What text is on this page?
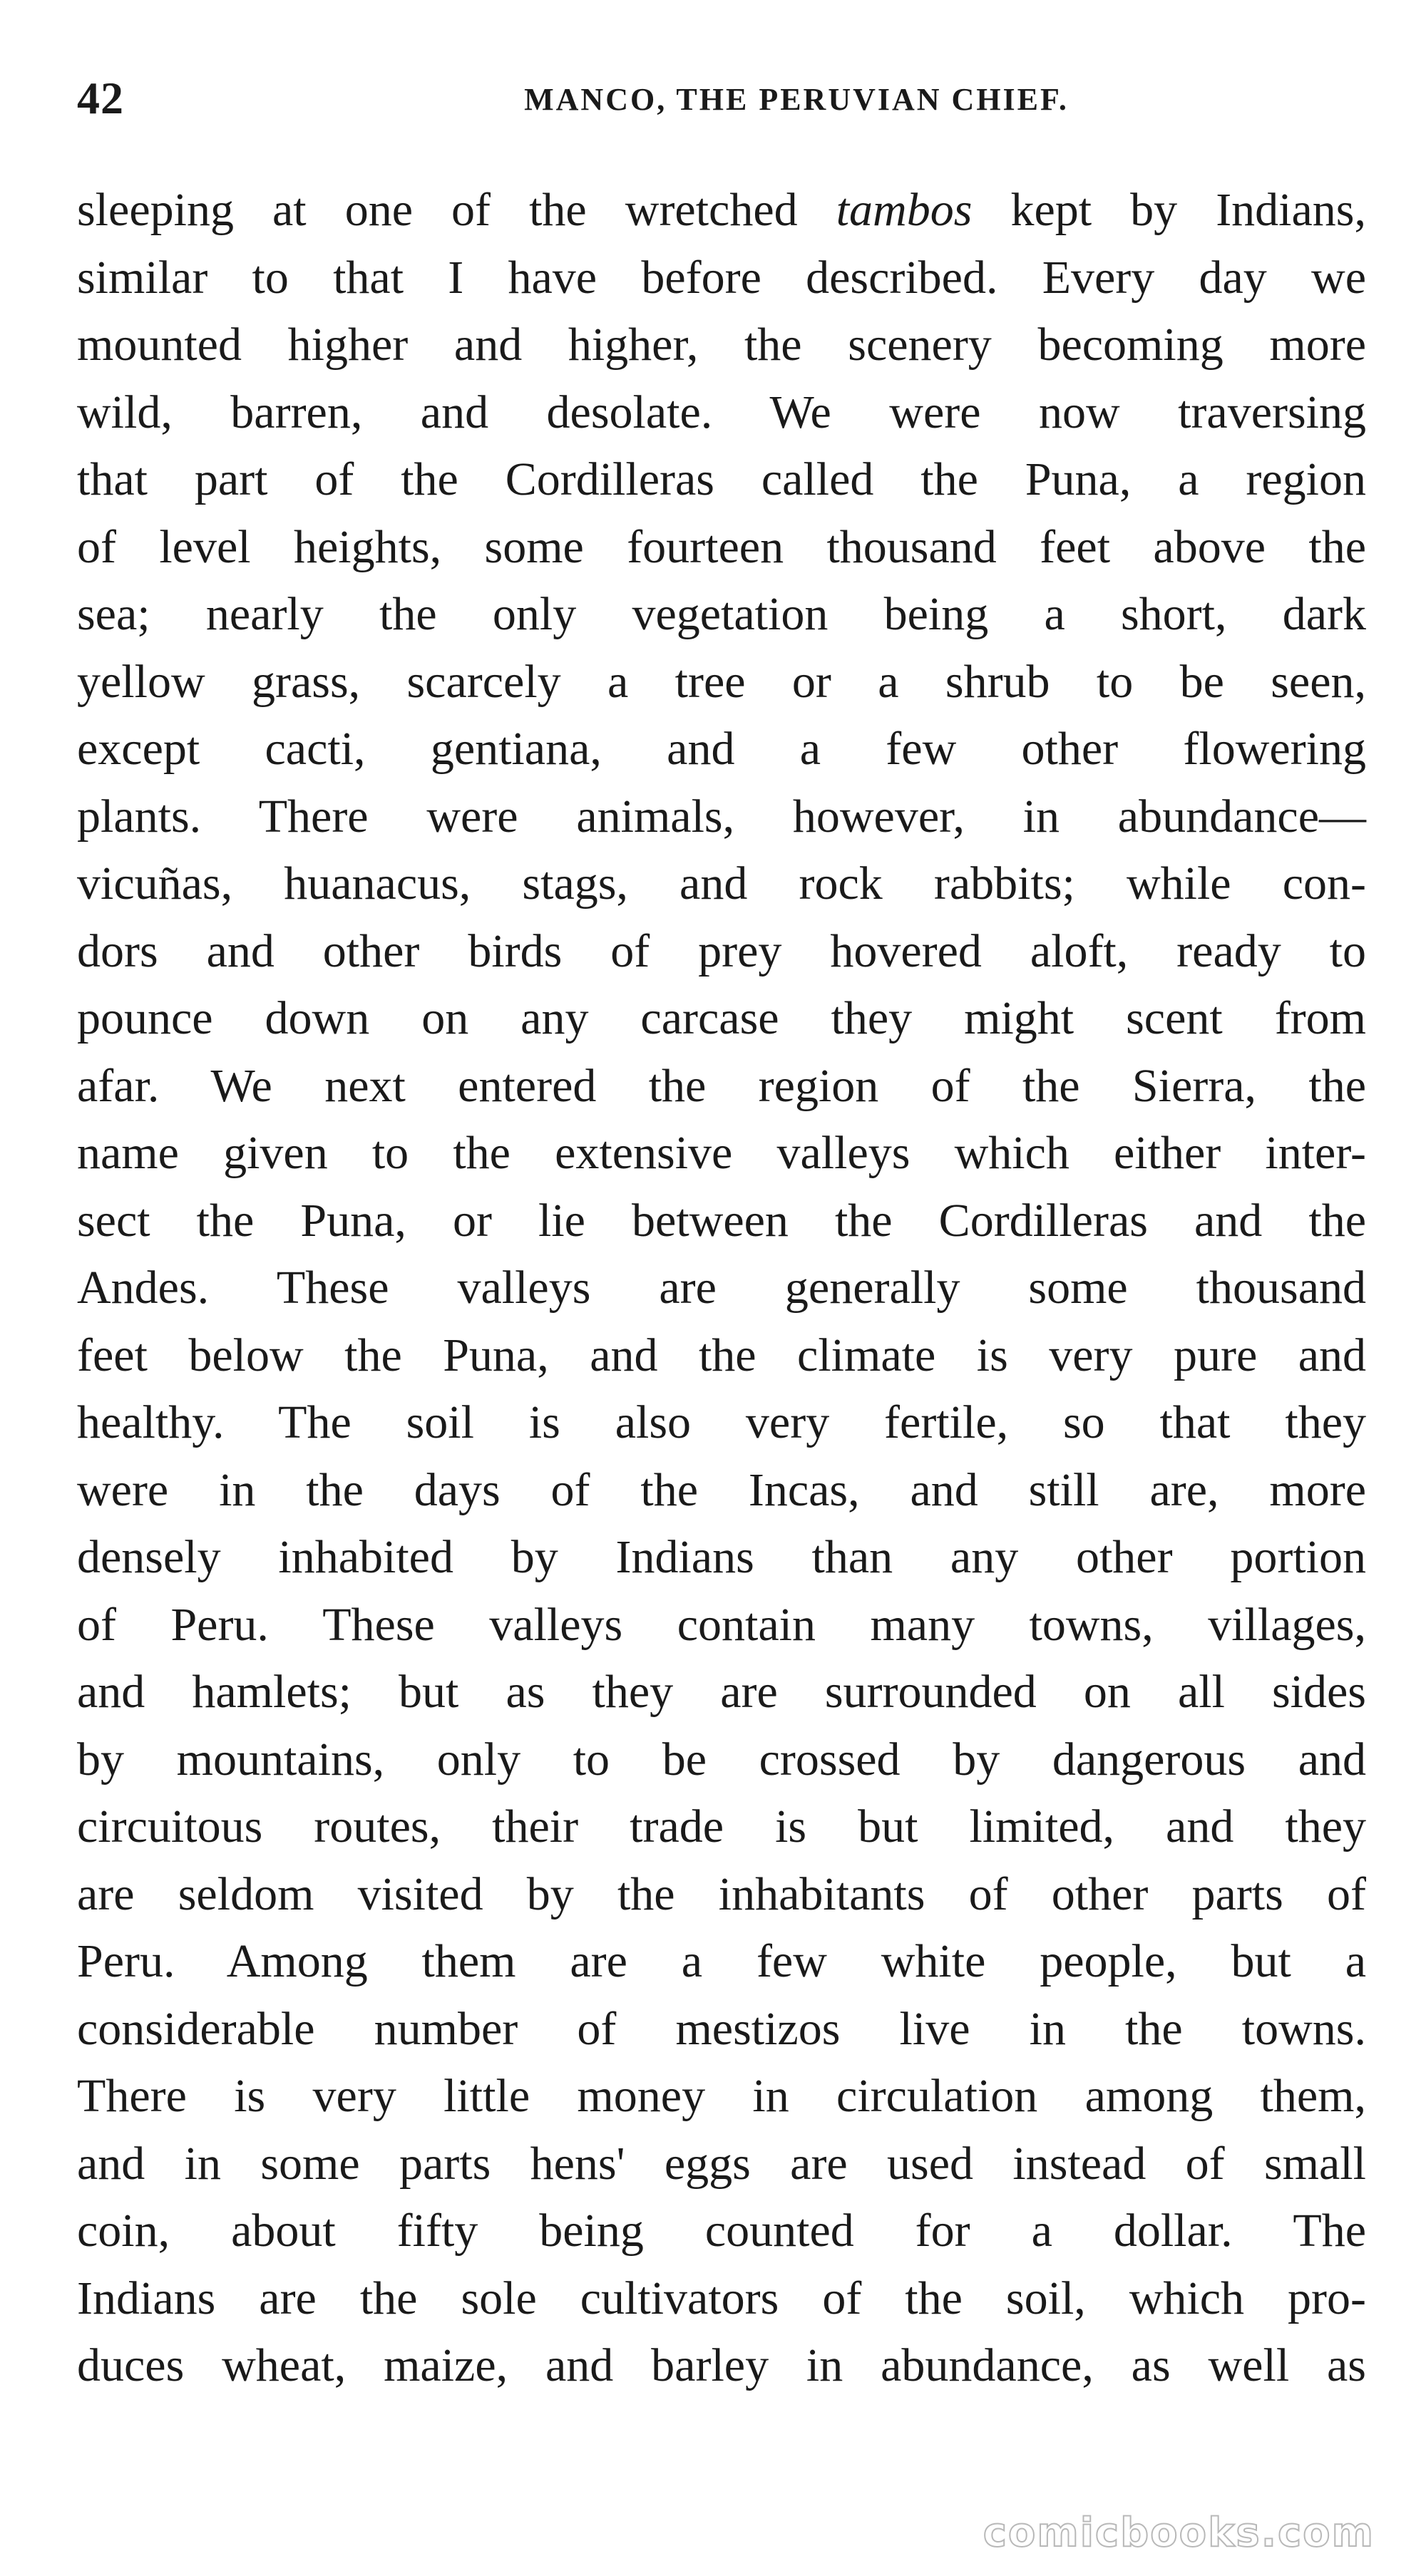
42	MANCO, THE PERUVIAN CHIEF.
sleeping at one of the wretched tambos kept by Indians,
similar to that I have before described. Every day we
mounted higher and higher, the scenery becoming more
wild, barren, and desolate. We were now traversing
that part of the Cordilleras called the Puna, a region
of level heights, some fourteen thousand feet above the
sea; nearly the only vegetation being a short, dark
yellow grass, scarcely a tree or a shrub to be seen,
except cacti, gentiana, and a few other flowering
plants. There were animals, however, in abundance—
vicuñas, huanacus, stags, and rock rabbits; while con-
dors and other birds of prey hovered aloft, ready to
pounce down on any carcase they might scent from
afar. We next entered the region of the Sierra, the
name given to the extensive valleys which either inter-
sect the Puna, or lie between the Cordilleras and the
Andes. These valleys are generally some thousand
feet below the Puna, and the climate is very pure and
healthy. The soil is also very fertile, so that they
were in the days of the Incas, and still are, more
densely inhabited by Indians than any other portion
of Peru. These valleys contain many towns, villages,
and hamlets; but as they are surrounded on all sides
by mountains, only to be crossed by dangerous and
circuitous routes, their trade is but limited, and they
are seldom visited by the inhabitants of other parts of
Peru. Among them are a few white people, but a
considerable number of mestizos live in the towns.
There is very little money in circulation among them,
and in some parts hens' eggs are used instead of small
coin, about fifty being counted for a dollar. The
Indians are the sole cultivators of the soil, which pro-
duces wheat, maize, and barley in abundance, as well as
comicbooks.com
